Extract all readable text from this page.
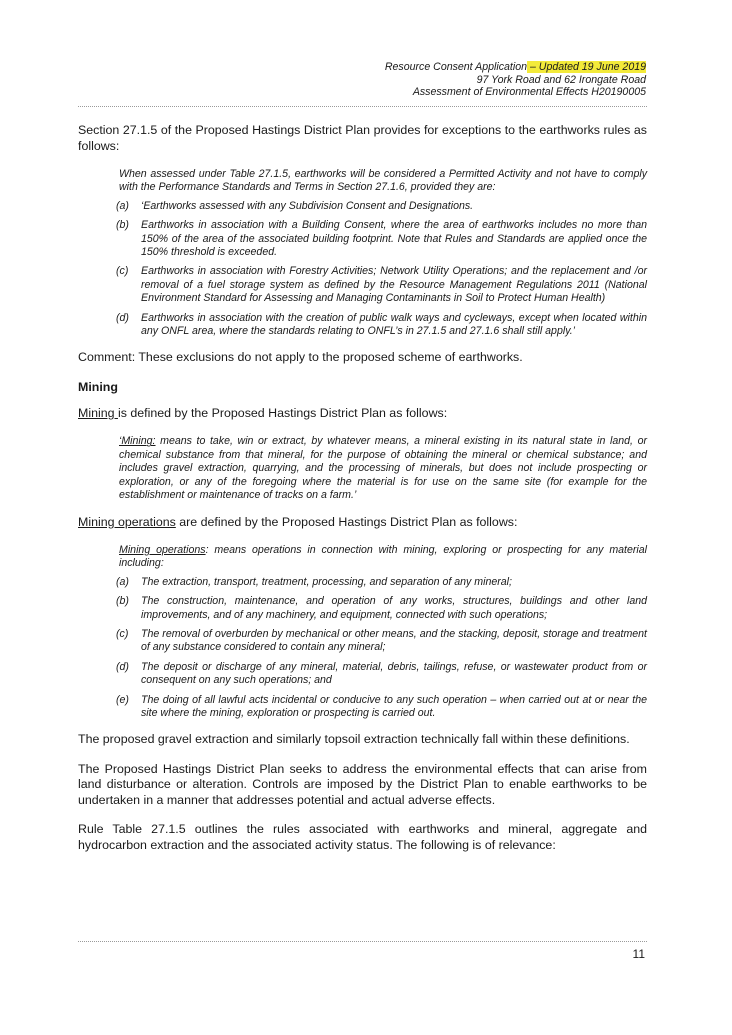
Resource Consent Application – Updated 19 June 2019
97 York Road and 62 Irongate Road
Assessment of Environmental Effects H20190005

Section 27.1.5 of the Proposed Hastings District Plan provides for exceptions to the earthworks rules as follows:

When assessed under Table 27.1.5, earthworks will be considered a Permitted Activity and not have to comply with the Performance Standards and Terms in Section 27.1.6, provided they are:
(a)	‘Earthworks assessed with any Subdivision Consent and Designations.
(b)	Earthworks in association with a Building Consent, where the area of earthworks includes no more than 150% of the area of the associated building footprint. Note that Rules and Standards are applied once the 150% threshold is exceeded.
(c)	Earthworks in association with Forestry Activities; Network Utility Operations; and the replacement and /or removal of a fuel storage system as defined by the Resource Management Regulations 2011 (National Environment Standard for Assessing and Managing Contaminants in Soil to Protect Human Health)
(d)	Earthworks in association with the creation of public walk ways and cycleways, except when located within any ONFL area, where the standards relating to ONFL’s in 27.1.5 and 27.1.6 shall still apply.’

Comment: These exclusions do not apply to the proposed scheme of earthworks.

Mining

Mining is defined by the Proposed Hastings District Plan as follows:

‘Mining: means to take, win or extract, by whatever means, a mineral existing in its natural state in land, or chemical substance from that mineral, for the purpose of obtaining the mineral or chemical substance; and includes gravel extraction, quarrying, and the processing of minerals, but does not include prospecting or exploration, or any of the foregoing where the material is for use on the same site (for example for the establishment or maintenance of tracks on a farm.’

Mining operations are defined by the Proposed Hastings District Plan as follows:

Mining operations: means operations in connection with mining, exploring or prospecting for any material including:
(a)	The extraction, transport, treatment, processing, and separation of any mineral;
(b)	The construction, maintenance, and operation of any works, structures, buildings and other land improvements, and of any machinery, and equipment, connected with such operations;
(c)	The removal of overburden by mechanical or other means, and the stacking, deposit, storage and treatment of any substance considered to contain any mineral;
(d)	The deposit or discharge of any mineral, material, debris, tailings, refuse, or wastewater product from or consequent on any such operations; and
(e)	The doing of all lawful acts incidental or conducive to any such operation – when carried out at or near the site where the mining, exploration or prospecting is carried out.

The proposed gravel extraction and similarly topsoil extraction technically fall within these definitions.

The Proposed Hastings District Plan seeks to address the environmental effects that can arise from land disturbance or alteration. Controls are imposed by the District Plan to enable earthworks to be undertaken in a manner that addresses potential and actual adverse effects.

Rule Table 27.1.5 outlines the rules associated with earthworks and mineral, aggregate and hydrocarbon extraction and the associated activity status. The following is of relevance:

11
